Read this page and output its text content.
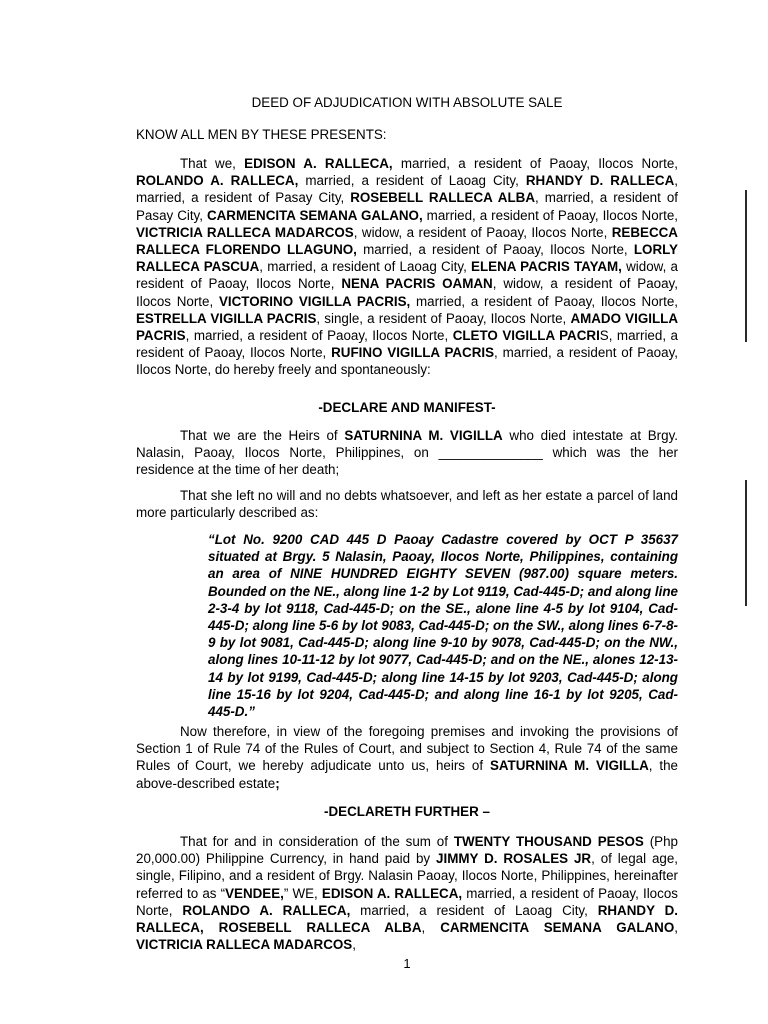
DEED OF ADJUDICATION WITH ABSOLUTE SALE
KNOW ALL MEN BY THESE PRESENTS:
That we, EDISON A. RALLECA, married, a resident of Paoay, Ilocos Norte, ROLANDO A. RALLECA, married, a resident of Laoag City, RHANDY D. RALLECA, married, a resident of Pasay City, ROSEBELL RALLECA ALBA, married, a resident of Pasay City, CARMENCITA SEMANA GALANO, married, a resident of Paoay, Ilocos Norte, VICTRICIA RALLECA MADARCOS, widow, a resident of Paoay, Ilocos Norte, REBECCA RALLECA FLORENDO LLAGUNO, married, a resident of Paoay, Ilocos Norte, LORLY RALLECA PASCUA, married, a resident of Laoag City, ELENA PACRIS TAYAM, widow, a resident of Paoay, Ilocos Norte, NENA PACRIS OAMAN, widow, a resident of Paoay, Ilocos Norte, VICTORINO VIGILLA PACRIS, married, a resident of Paoay, Ilocos Norte, ESTRELLA VIGILLA PACRIS, single, a resident of Paoay, Ilocos Norte, AMADO VIGILLA PACRIS, married, a resident of Paoay, Ilocos Norte, CLETO VIGILLA PACRIS, married, a resident of Paoay, Ilocos Norte, RUFINO VIGILLA PACRIS, married, a resident of Paoay, Ilocos Norte, do hereby freely and spontaneously:
-DECLARE AND MANIFEST-
That we are the Heirs of SATURNINA M. VIGILLA who died intestate at Brgy. Nalasin, Paoay, Ilocos Norte, Philippines, on ______________ which was the her residence at the time of her death;
That she left no will and no debts whatsoever, and left as her estate a parcel of land more particularly described as:
“Lot No. 9200 CAD 445 D Paoay Cadastre covered by OCT P 35637 situated at Brgy. 5 Nalasin, Paoay, Ilocos Norte, Philippines, containing an area of NINE HUNDRED EIGHTY SEVEN (987.00) square meters. Bounded on the NE., along line 1-2 by Lot 9119, Cad-445-D; and along line 2-3-4 by lot 9118, Cad-445-D; on the SE., alone line 4-5 by lot 9104, Cad-445-D; along line 5-6 by lot 9083, Cad-445-D; on the SW., along lines 6-7-8-9 by lot 9081, Cad-445-D; along line 9-10 by 9078, Cad-445-D; on the NW., along lines 10-11-12 by lot 9077, Cad-445-D; and on the NE., alones 12-13-14 by lot 9199, Cad-445-D; along line 14-15 by lot 9203, Cad-445-D; along line 15-16 by lot 9204, Cad-445-D; and along line 16-1 by lot 9205, Cad-445-D.”
Now therefore, in view of the foregoing premises and invoking the provisions of Section 1 of Rule 74 of the Rules of Court, and subject to Section 4, Rule 74 of the same Rules of Court, we hereby adjudicate unto us, heirs of SATURNINA M. VIGILLA, the above-described estate;
-DECLARETH FURTHER –
That for and in consideration of the sum of TWENTY THOUSAND PESOS (Php 20,000.00) Philippine Currency, in hand paid by JIMMY D. ROSALES JR, of legal age, single, Filipino, and a resident of Brgy. Nalasin Paoay, Ilocos Norte, Philippines, hereinafter referred to as “VENDEE,” WE, EDISON A. RALLECA, married, a resident of Paoay, Ilocos Norte, ROLANDO A. RALLECA, married, a resident of Laoag City, RHANDY D. RALLECA, ROSEBELL RALLECA ALBA, CARMENCITA SEMANA GALANO, VICTRICIA RALLECA MADARCOS,
1
